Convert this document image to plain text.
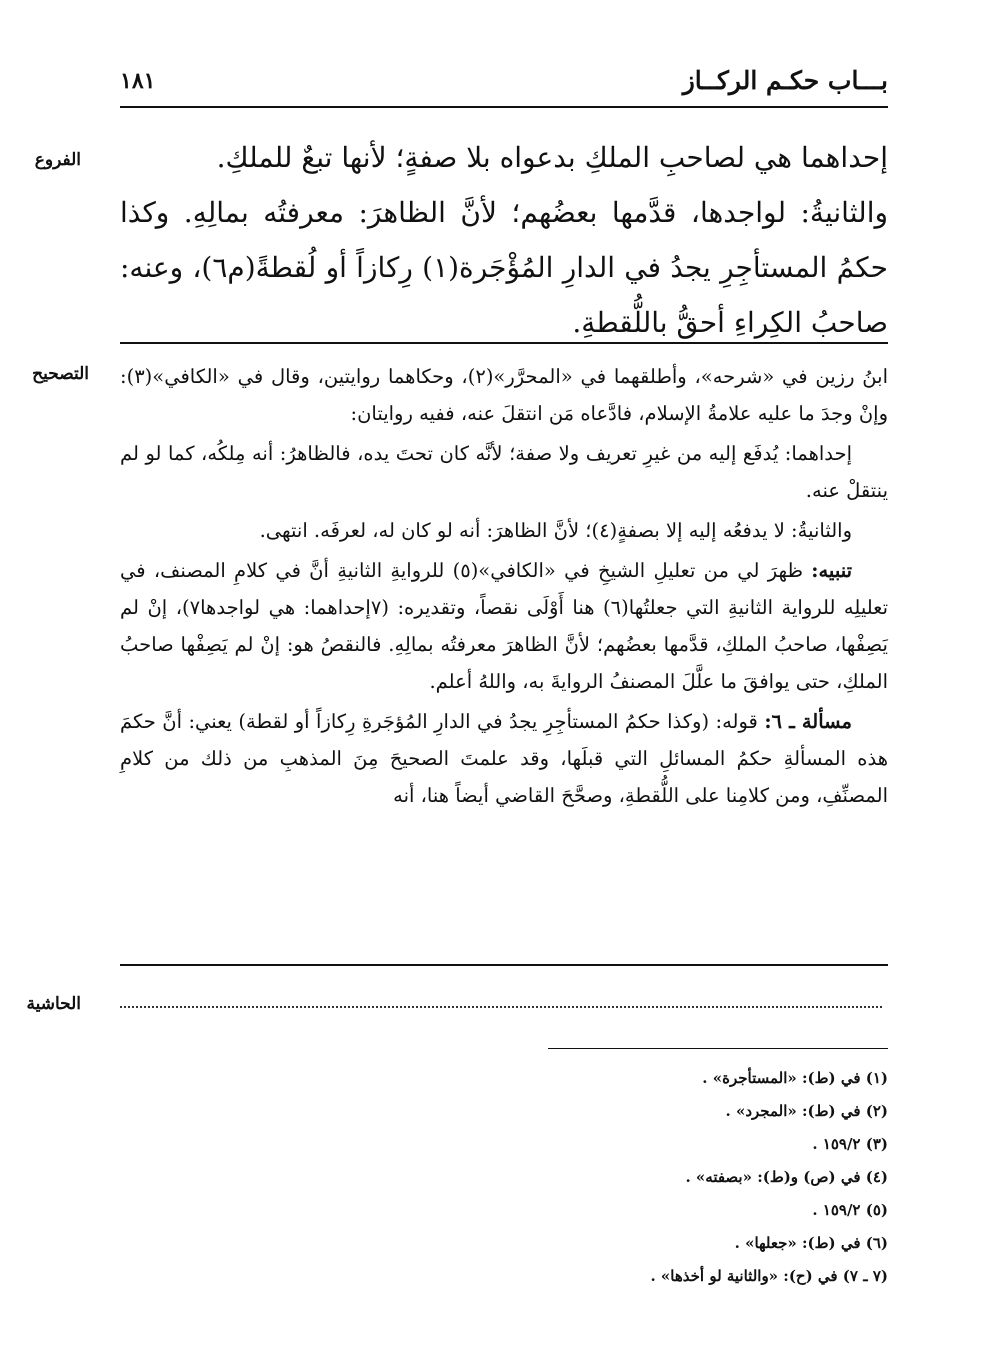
١٨١	بـــاب حكـم الركــاز
الفروع
التصحيح

إحداهما هي لصاحبِ الملكِ بدعواه بلا صفةٍ؛ لأنها تبعٌ للملكِ.

والثانيةُ: لواجدها، قدَّمها بعضُهم؛ لأنَّ الظاهرَ: معرفتُه بمالِهِ. وكذا حكمُ المستأجِرِ يجدُ في الدارِ المُؤْجَرة(١) رِكازاً أو لُقطةً(م٦)، وعنه: صاحبُ الكِراءِ أحقُّ باللُّقطةِ.

ابنُ رزين في «شرحه»، وأطلقهما في «المحرَّر»(٢)، وحكاهما روايتين، وقال في «الكافي»(٣): وإنْ وجدَ ما عليه علامةُ الإسلام، فادَّعاه مَن انتقلَ عنه، ففيه روايتان:

إحداهما: يُدفَع إليه من غيرِ تعريف ولا صفة؛ لأنَّه كان تحتَ يده، فالظاهرُ: أنه مِلكُه، كما لو لم ينتقلْ عنه.

والثانيةُ: لا يدفعُه إليه إلا بصفةٍ(٤)؛ لأنَّ الظاهرَ: أنه لو كان له، لعرفَه. انتهى.

تنبيه: ظهرَ لي من تعليلِ الشيخِ في «الكافي»(٥) للروايةِ الثانيةِ أنَّ في كلامِ المصنف، في تعليلِه للرواية الثانيةِ التي جعلتُها(٦) هنا أَوْلَى نقصاً، وتقديره: (٧إحداهما: هي لواجدها٧)، إنْ لم يَصِفْها، صاحبُ الملكِ، قدَّمها بعضُهم؛ لأنَّ الظاهرَ معرفتُه بمالِهِ. فالنقصُ هو: إنْ لم يَصِفْها صاحبُ الملكِ، حتى يوافقَ ما علَّلَ المصنفُ الروايةَ به، واللهُ أعلم.

مسألة ـ ٦: قوله: (وكذا حكمُ المستأجِرِ يجدُ في الدارِ المُؤجَرةِ رِكازاً أو لقطة) يعني: أنَّ حكمَ هذه المسألةِ حكمُ المسائلِ التي قبلَها، وقد علمتَ الصحيحَ مِنَ المذهبِ من ذلك من كلامِ المصنِّفِ، ومن كلامِنا على اللُّقطةِ، وصحَّحَ القاضي أيضاً هنا، أنه

الحاشية
(١) في (ط): «المستأجرة» .
(٢) في (ط): «المجرد» .
(٣) ١٥٩/٢ .
(٤) في (ص) و(ط): «بصفته» .
(٥) ١٥٩/٢ .
(٦) في (ط): «جعلها» .
(٧ ـ ٧) في (ح): «والثانية لو أخذها» .
